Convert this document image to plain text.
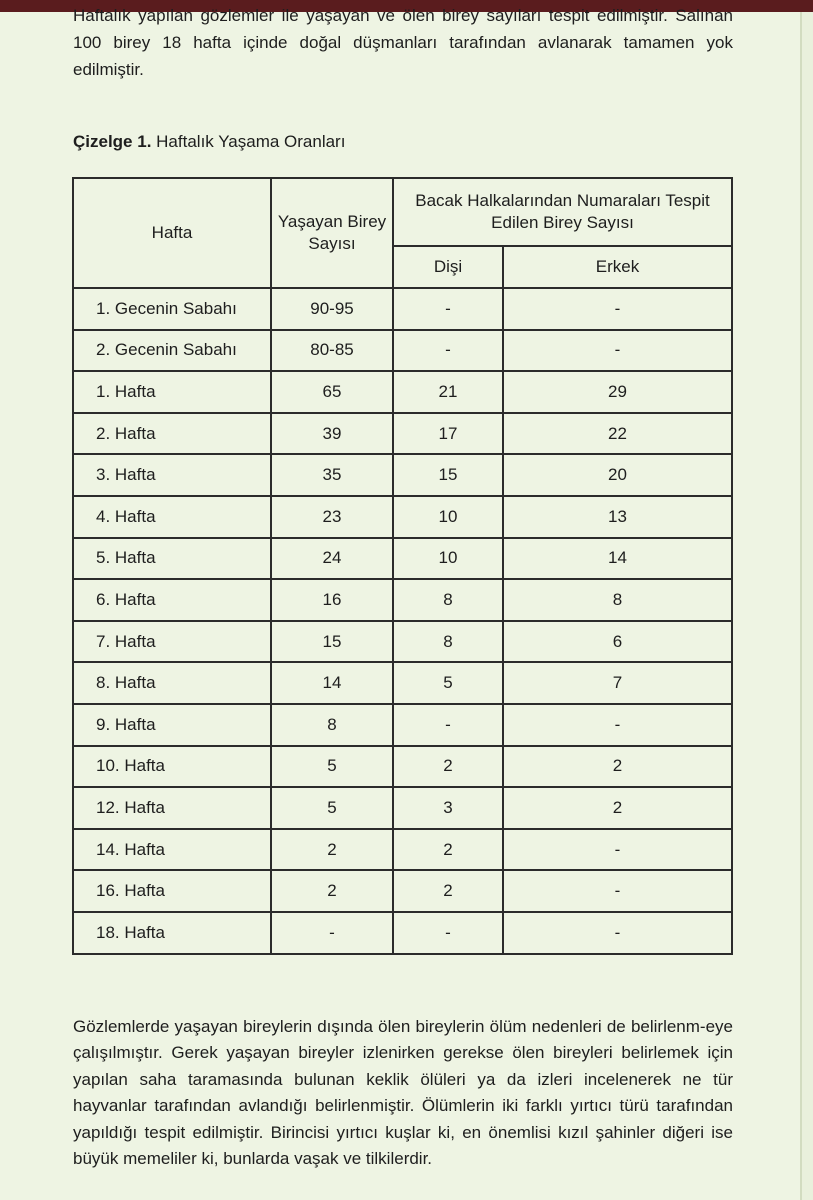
Haftalık yapılan gözlemler ile yaşayan ve ölen birey sayıları tespit edilmiştir. Salınan 100 birey 18 hafta içinde doğal düşmanları tarafından avlanarak tamamen yok edilmiştir.

Çizelge 1. Haftalık Yaşama Oranları

Hafta	Yaşayan Birey Sayısı	Bacak Halkalarından Numaraları Tespit Edilen Birey Sayısı	
		Dişi	Erkek
1. Gecenin Sabahı	90-95	-	-
2. Gecenin Sabahı	80-85	-	-
1. Hafta	65	21	29
2. Hafta	39	17	22
3. Hafta	35	15	20
4. Hafta	23	10	13
5. Hafta	24	10	14
6. Hafta	16	8	8
7. Hafta	15	8	6
8. Hafta	14	5	7
9. Hafta	8	-	-
10. Hafta	5	2	2
12. Hafta	5	3	2
14. Hafta	2	2	-
16. Hafta	2	2	-
18. Hafta	-	-	-

Gözlemlerde yaşayan bireylerin dışında ölen bireylerin ölüm nedenleri de belirlenm-eye çalışılmıştır. Gerek yaşayan bireyler izlenirken gerekse ölen bireyleri belirlemek için yapılan saha taramasında bulunan keklik ölüleri ya da izleri incelenerek ne tür hayvanlar tarafından avlandığı belirlenmiştir. Ölümlerin iki farklı yırtıcı türü tarafından yapıldığı tespit edilmiştir. Birincisi yırtıcı kuşlar ki, en önemlisi kızıl şahinler diğeri ise büyük memeliler ki, bunlarda vaşak ve tilkilerdir.
